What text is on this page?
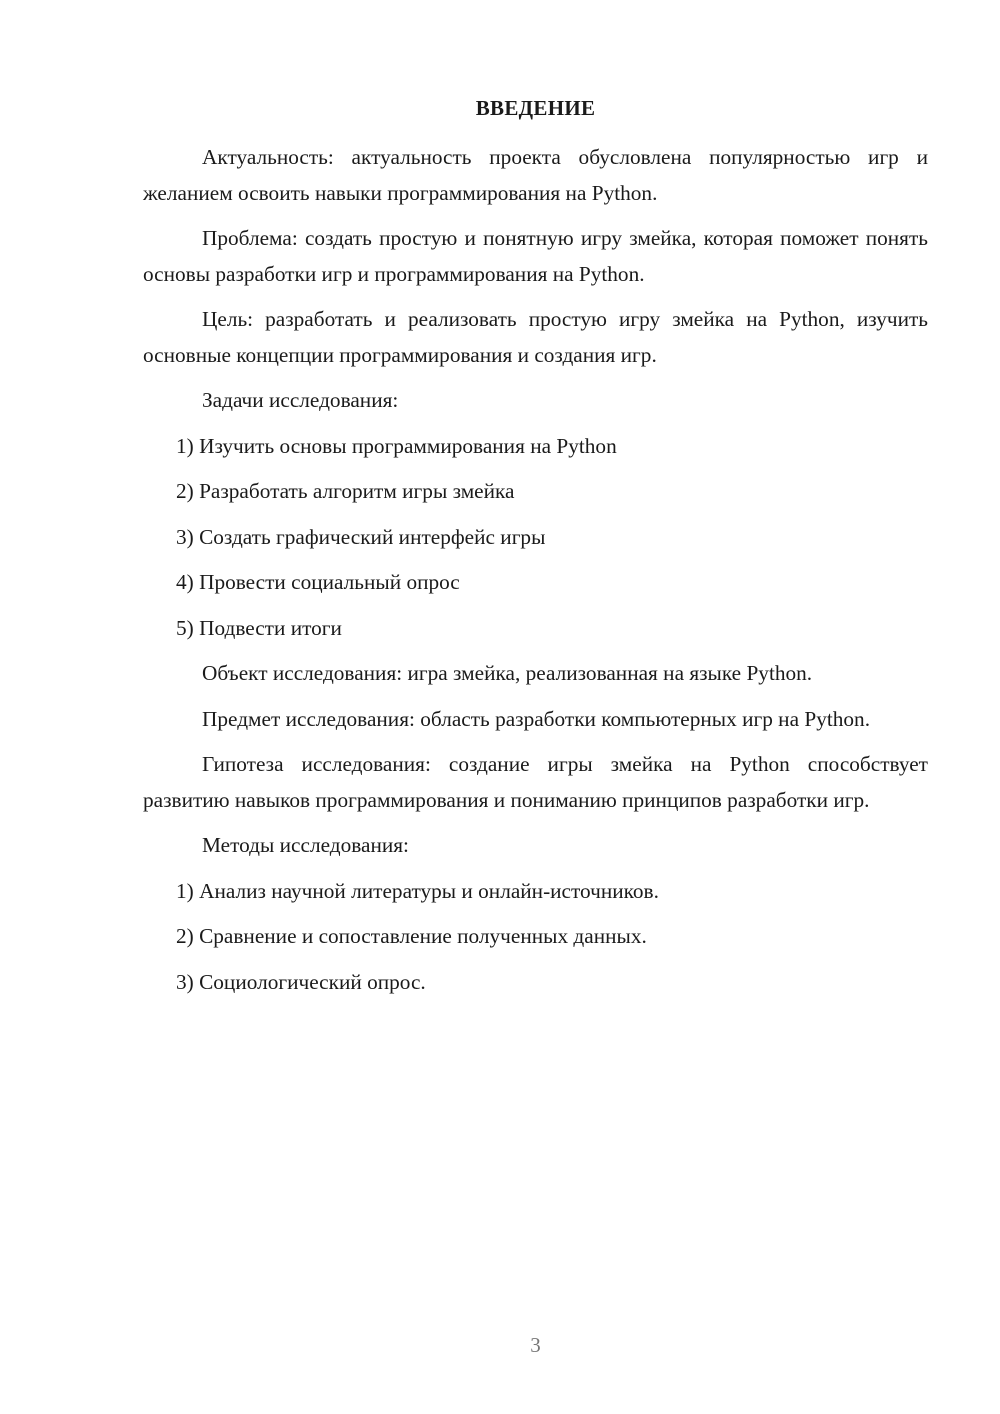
ВВЕДЕНИЕ

Актуальность: актуальность проекта обусловлена популярностью игр и желанием освоить навыки программирования на Python.

Проблема: создать простую и понятную игру змейка, которая поможет понять основы разработки игр и программирования на Python.

Цель: разработать и реализовать простую игру змейка на Python, изучить основные концепции программирования и создания игр.

Задачи исследования:

1) Изучить основы программирования на Python
2) Разработать алгоритм игры змейка
3) Создать графический интерфейс игры
4) Провести социальный опрос
5) Подвести итоги

Объект исследования: игра змейка, реализованная на языке Python.

Предмет исследования: область разработки компьютерных игр на Python.

Гипотеза исследования: создание игры змейка на Python способствует развитию навыков программирования и пониманию принципов разработки игр.

Методы исследования:

1) Анализ научной литературы и онлайн-источников.
2) Сравнение и сопоставление полученных данных.
3) Социологический опрос.
3
